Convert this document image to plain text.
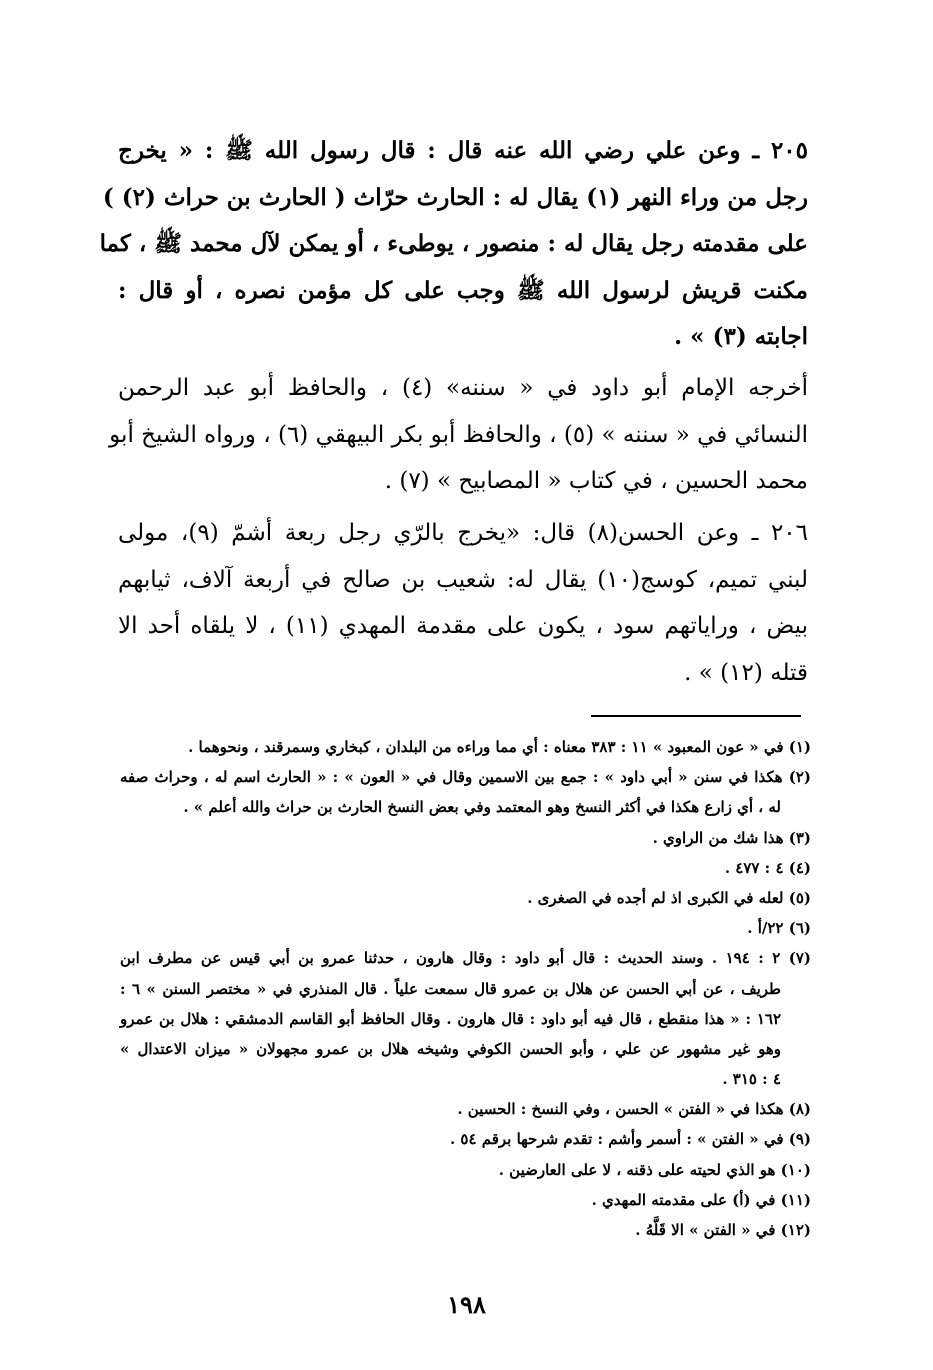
٢٠٥ ـ وعن علي رضي الله عنه قال : قال رسول الله ﷺ : « يخرج
رجل من وراء النهر (١) يقال له : الحارث حرّاث ( الحارث بن حراث (٢) )
على مقدمته رجل يقال له : منصور ، يوطىء ، أو يمكن لآل محمد ﷺ ، كما
مكنت قريش لرسول الله ﷺ وجب على كل مؤمن نصره ، أو قال :
اجابته (٣) » .
أخرجه الإمام أبو داود في « سننه» (٤) ، والحافظ أبو عبد الرحمن
النسائي في « سننه » (٥) ، والحافظ أبو بكر البيهقي (٦) ، ورواه الشيخ أبو
محمد الحسين ، في كتاب « المصابيح » (٧) .
٢٠٦ ـ وعن الحسن(٨) قال: «يخرج بالرّي رجل ربعة أشمّ (٩)، مولى
لبني تميم، كوسج(١٠) يقال له: شعيب بن صالح في أربعة آلاف، ثيابهم
بيض ، وراياتهم سود ، يكون على مقدمة المهدي (١١) ، لا يلقاه أحد الا
قتله (١٢) » .
(١) في « عون المعبود » ١١ : ٣٨٣ معناه : أي مما وراءه من البلدان ، كبخاري وسمرقند ، ونحوهما .
(٢) هكذا في سنن « أبي داود » : جمع بين الاسمين وقال في « العون » : « الحارث اسم له ، وحراث صفه
له ، أي زارع هكذا في أكثر النسخ وهو المعتمد وفي بعض النسخ الحارث بن حراث والله أعلم » .
(٣) هذا شك من الراوي .
(٤) ٤ : ٤٧٧ .
(٥) لعله في الكبرى اذ لم أجده في الصغرى .
(٦) ٢٢/أ .
(٧) ٢ : ١٩٤ . وسند الحديث : قال أبو داود : وقال هارون ، حدثنا عمرو بن أبي قيس عن مطرف ابن
طريف ، عن أبي الحسن عن هلال بن عمرو قال سمعت علياً . قال المنذري في « مختصر السنن » ٦ :
١٦٢ : « هذا منقطع ، قال فيه أبو داود : قال هارون . وقال الحافظ أبو القاسم الدمشقي : هلال بن عمرو
وهو غير مشهور عن علي ، وأبو الحسن الكوفي وشيخه هلال بن عمرو مجهولان « ميزان الاعتدال »
٤ : ٣١٥ .
(٨) هكذا في « الفتن » الحسن ، وفي النسخ : الحسين .
(٩) في « الفتن » : أسمر وأشم : تقدم شرحها برقم ٥٤ .
(١٠) هو الذي لحيته على ذقنه ، لا على العارضين .
(١١) في (أ) على مقدمته المهدي .
(١٢) في « الفتن » الا قَلَّهُ .
١٩٨
